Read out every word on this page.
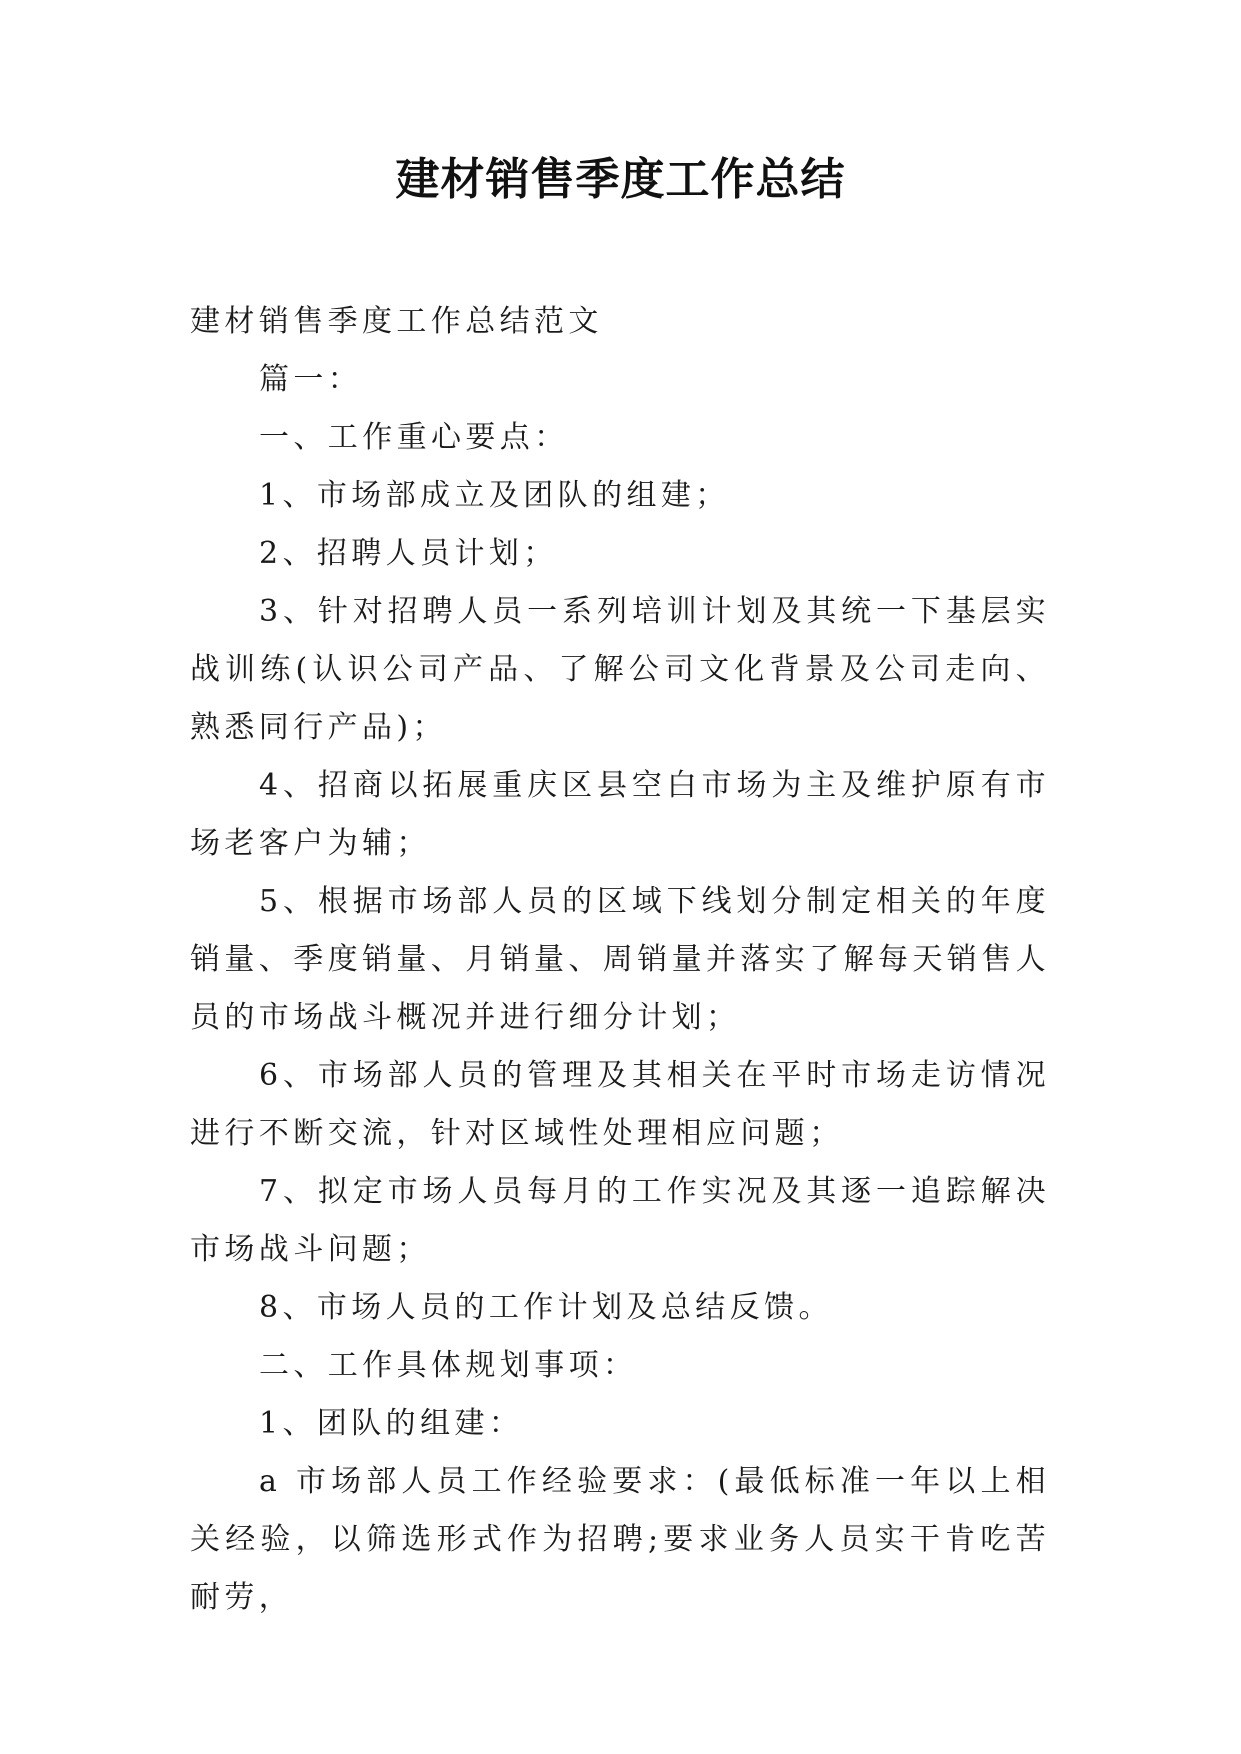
建材销售季度工作总结

建材销售季度工作总结范文

篇一：

一、工作重心要点：

1、市场部成立及团队的组建；

2、招聘人员计划；

3、针对招聘人员一系列培训计划及其统一下基层实战训练(认识公司产品、了解公司文化背景及公司走向、熟悉同行产品)；

4、招商以拓展重庆区县空白市场为主及维护原有市场老客户为辅；

5、根据市场部人员的区域下线划分制定相关的年度销量、季度销量、月销量、周销量并落实了解每天销售人员的市场战斗概况并进行细分计划；

6、市场部人员的管理及其相关在平时市场走访情况进行不断交流，针对区域性处理相应问题；

7、拟定市场人员每月的工作实况及其逐一追踪解决市场战斗问题；

8、市场人员的工作计划及总结反馈。

二、工作具体规划事项：

1、团队的组建：

a 市场部人员工作经验要求：(最低标准一年以上相关经验，以筛选形式作为招聘;要求业务人员实干肯吃苦耐劳，
